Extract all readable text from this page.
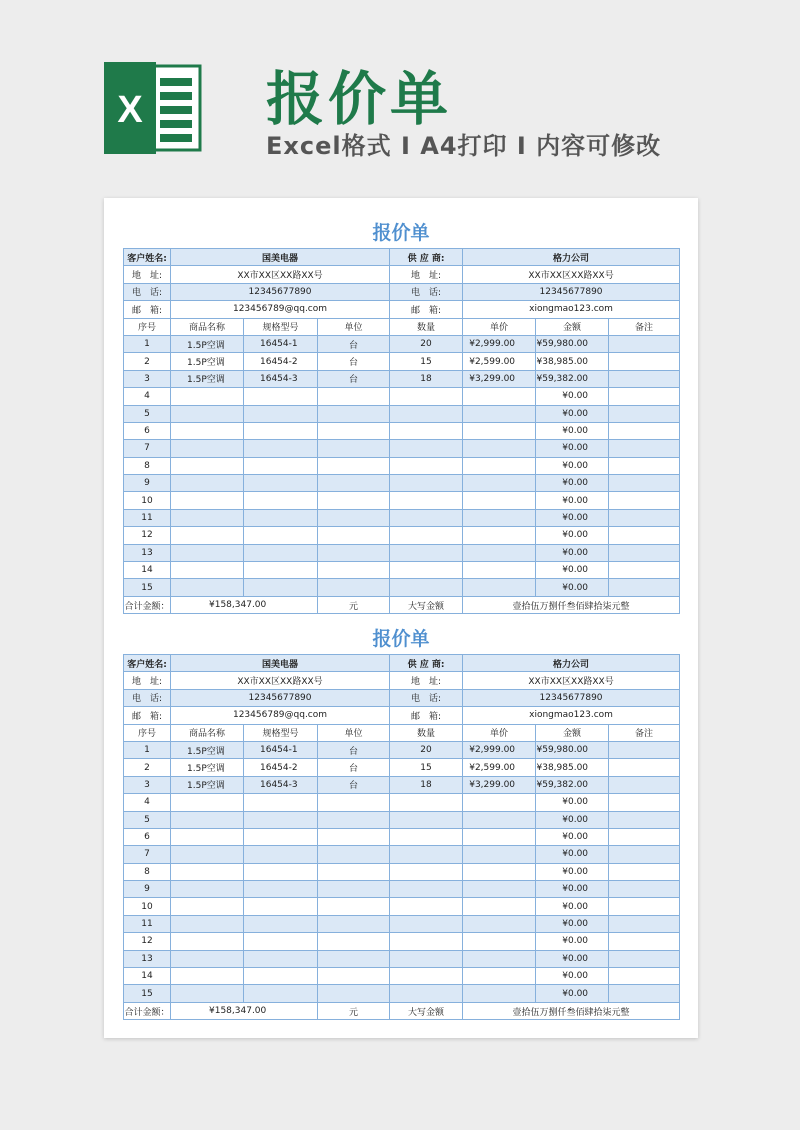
X 报价单
Excel格式 I A4打印 I 内容可修改
报价单
客户姓名:	国美电器			供 应 商:	格力公司		
地　址:	XX市XX区XX路XX号			地　址:	XX市XX区XX路XX号		
电　话:	12345677890			电　话:	12345677890		
邮　箱:	123456789@qq.com			邮　箱:	xiongmao123.com		
序号	商品名称	规格型号	单位	数量	单价	金额	备注
1	1.5P空调	16454-1	台	20	¥2,999.00	¥59,980.00	
2	1.5P空调	16454-2	台	15	¥2,599.00	¥38,985.00	
3	1.5P空调	16454-3	台	18	¥3,299.00	¥59,382.00	
4						¥0.00	
5						¥0.00	
6						¥0.00	
7						¥0.00	
8						¥0.00	
9						¥0.00	
10						¥0.00	
11						¥0.00	
12						¥0.00	
13						¥0.00	
14						¥0.00	
15						¥0.00	
合计金额：	¥158,347.00		元	大写金额	壹拾伍万捌仟叁佰肆拾柒元整		
报价单
客户姓名:	国美电器			供 应 商:	格力公司		
地　址:	XX市XX区XX路XX号			地　址:	XX市XX区XX路XX号		
电　话:	12345677890			电　话:	12345677890		
邮　箱:	123456789@qq.com			邮　箱:	xiongmao123.com		
序号	商品名称	规格型号	单位	数量	单价	金额	备注
1	1.5P空调	16454-1	台	20	¥2,999.00	¥59,980.00	
2	1.5P空调	16454-2	台	15	¥2,599.00	¥38,985.00	
3	1.5P空调	16454-3	台	18	¥3,299.00	¥59,382.00	
4						¥0.00	
5						¥0.00	
6						¥0.00	
7						¥0.00	
8						¥0.00	
9						¥0.00	
10						¥0.00	
11						¥0.00	
12						¥0.00	
13						¥0.00	
14						¥0.00	
15						¥0.00	
合计金额：	¥158,347.00		元	大写金额	壹拾伍万捌仟叁佰肆拾柒元整		
